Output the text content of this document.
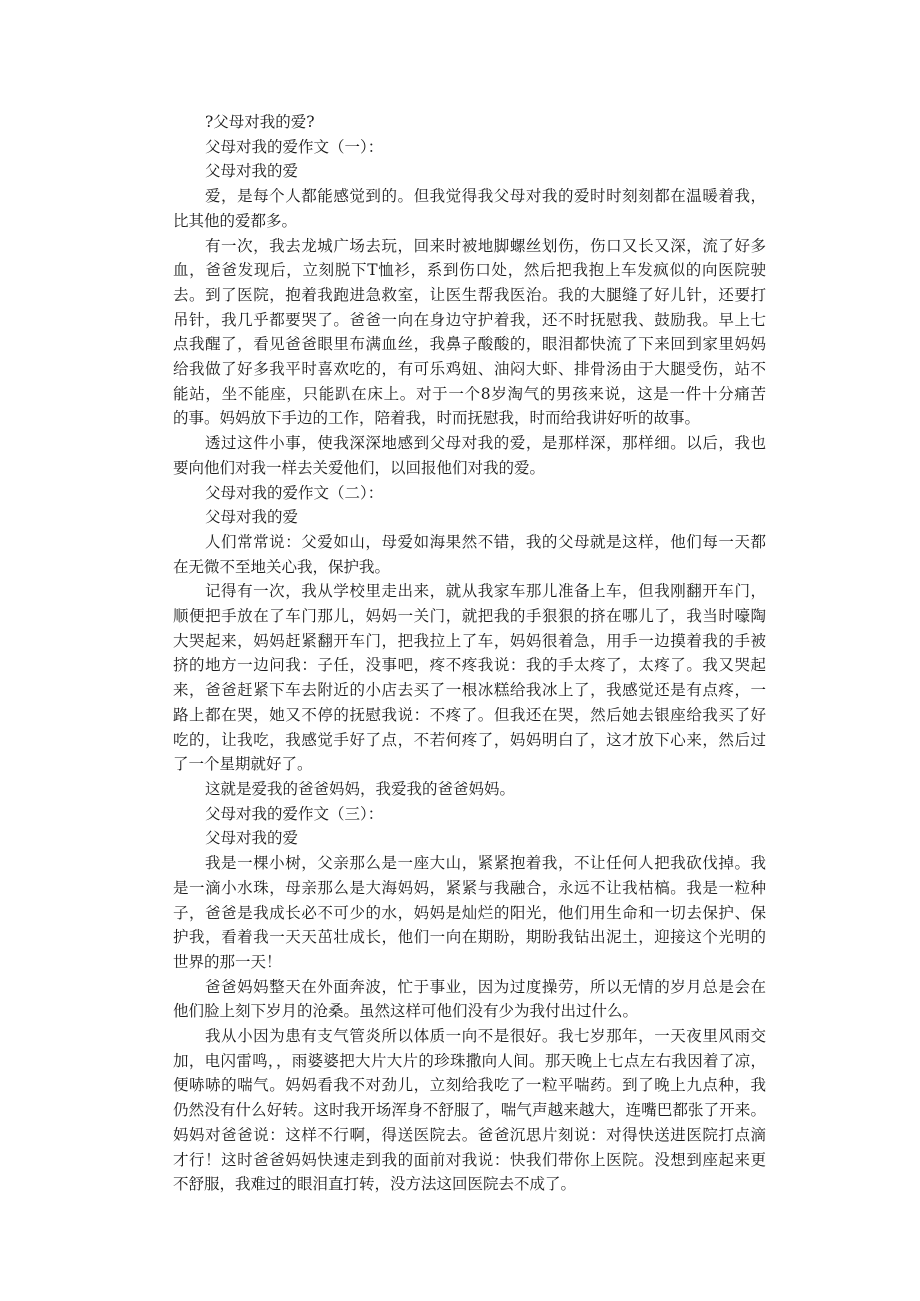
?父母对我的爱?
父母对我的爱作文（一）：
父母对我的爱
爱，是每个人都能感觉到的。但我觉得我父母对我的爱时时刻刻都在温暖着我，
比其他的爱都多。
有一次，我去龙城广场去玩，回来时被地脚螺丝划伤，伤口又长又深，流了好多
血，爸爸发现后，立刻脱下T恤衫，系到伤口处，然后把我抱上车发疯似的向医院驶
去。到了医院，抱着我跑进急救室，让医生帮我医治。我的大腿缝了好儿针，还要打
吊针，我几乎都要哭了。爸爸一向在身边守护着我，还不时抚慰我、鼓励我。早上七
点我醒了，看见爸爸眼里布满血丝，我鼻子酸酸的，眼泪都快流了下来回到家里妈妈
给我做了好多我平时喜欢吃的，有可乐鸡妞、油闷大虾、排骨汤由于大腿受伤，站不
能站，坐不能座，只能趴在床上。对于一个8岁淘气的男孩来说，这是一件十分痛苦
的事。妈妈放下手边的工作，陪着我，时而抚慰我，时而给我讲好听的故事。
透过这件小事，使我深深地感到父母对我的爱，是那样深，那样细。以后，我也
要向他们对我一样去关爱他们，以回报他们对我的爱。
父母对我的爱作文（二）：
父母对我的爱
人们常常说：父爱如山，母爱如海果然不错，我的父母就是这样，他们每一天都
在无微不至地关心我，保护我。
记得有一次，我从学校里走出来，就从我家车那儿准备上车，但我刚翻开车门，
顺便把手放在了车门那儿，妈妈一关门，就把我的手狠狠的挤在哪儿了，我当时嚎陶
大哭起来，妈妈赶紧翻开车门，把我拉上了车，妈妈很着急，用手一边摸着我的手被
挤的地方一边问我：子任，没事吧，疼不疼我说：我的手太疼了，太疼了。我又哭起
来，爸爸赶紧下车去附近的小店去买了一根冰糕给我冰上了，我感觉还是有点疼，一
路上都在哭，她又不停的抚慰我说：不疼了。但我还在哭，然后她去银座给我买了好
吃的，让我吃，我感觉手好了点，不若何疼了，妈妈明白了，这才放下心来，然后过
了一个星期就好了。
这就是爱我的爸爸妈妈，我爱我的爸爸妈妈。
父母对我的爱作文（三）：
父母对我的爱
我是一棵小树，父亲那么是一座大山，紧紧抱着我，不让任何人把我砍伐掉。我
是一滴小水珠，母亲那么是大海妈妈，紧紧与我融合，永远不让我枯槁。我是一粒种
子，爸爸是我成长必不可少的水，妈妈是灿烂的阳光，他们用生命和一切去保护、保
护我，看着我一天天茁壮成长，他们一向在期盼，期盼我钻出泥土，迎接这个光明的
世界的那一天！
爸爸妈妈整天在外面奔波，忙于事业，因为过度操劳，所以无情的岁月总是会在
他们脸上刻下岁月的沧桑。虽然这样可他们没有少为我付出过什么。
我从小因为患有支气管炎所以体质一向不是很好。我七岁那年，一天夜里风雨交
加，电闪雷鸣，，雨婆婆把大片大片的珍珠撒向人间。那天晚上七点左右我因着了凉，
便哧哧的喘气。妈妈看我不对劲儿，立刻给我吃了一粒平喘药。到了晚上九点种，我
仍然没有什么好转。这时我开场浑身不舒服了，喘气声越来越大，连嘴巴都张了开来。
妈妈对爸爸说：这样不行啊，得送医院去。爸爸沉思片刻说：对得快送进医院打点滴
才行！这时爸爸妈妈快速走到我的面前对我说：快我们带你上医院。没想到座起来更
不舒服，我难过的眼泪直打转，没方法这回医院去不成了。
